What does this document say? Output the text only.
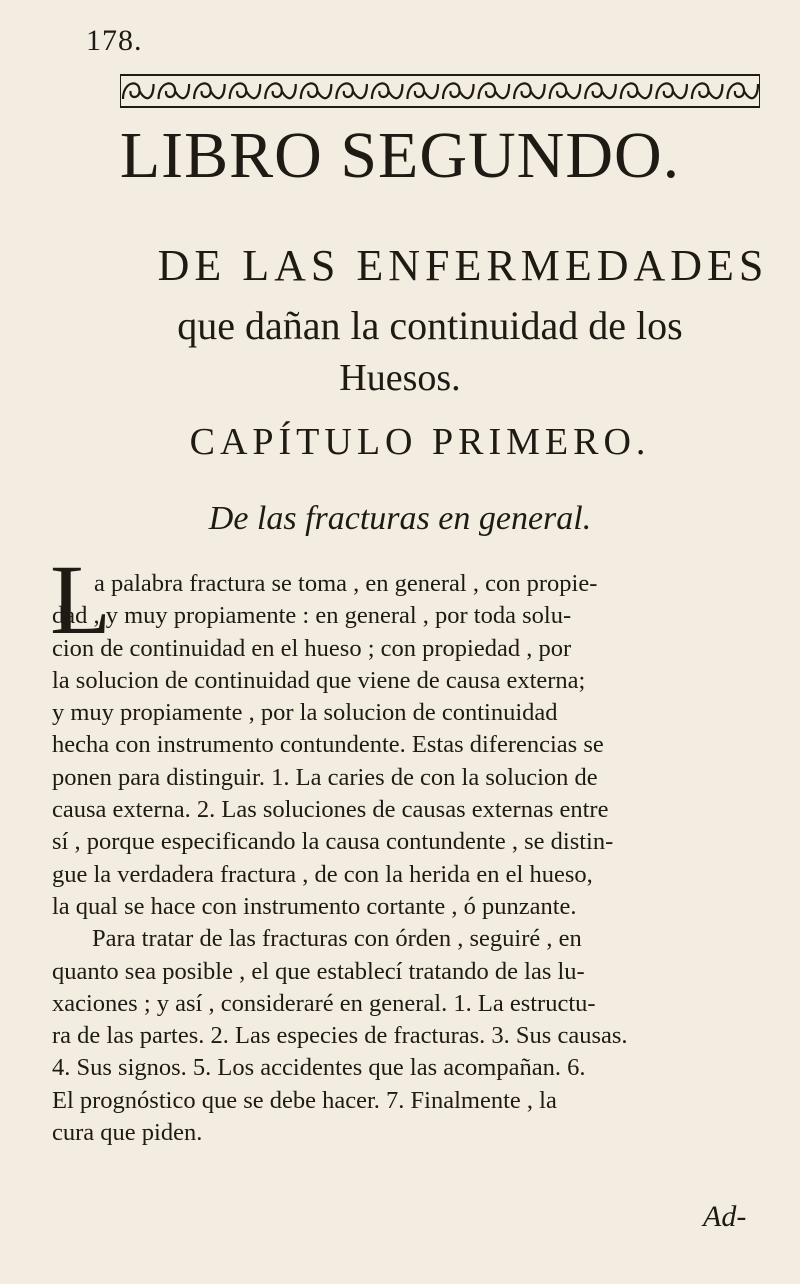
178.
LIBRO SEGUNDO.
DE LAS ENFERMEDADES
que dañan la continuidad de los
Huesos.
CAPÍTULO PRIMERO.
De las fracturas en general.
L
a palabra fractura se toma , en general , con propie-
dad , y muy propiamente : en general , por toda solu-
cion de continuidad en el hueso ; con propiedad , por
la solucion de continuidad que viene de causa externa;
y muy propiamente , por la solucion de continuidad
hecha con instrumento contundente. Estas diferencias se
ponen para distinguir. 1. La caries de con la solucion de
causa externa. 2. Las soluciones de causas externas entre
sí , porque especificando la causa contundente , se distin-
gue la verdadera fractura , de con la herida en el hueso,
la qual se hace con instrumento cortante , ó punzante.
Para tratar de las fracturas con órden , seguiré , en
quanto sea posible , el que establecí tratando de las lu-
xaciones ; y así , consideraré en general. 1. La estructu-
ra de las partes. 2. Las especies de fracturas. 3. Sus causas.
4. Sus signos. 5. Los accidentes que las acompañan. 6.
El prognóstico que se debe hacer. 7. Finalmente , la
cura que piden.
Ad-
